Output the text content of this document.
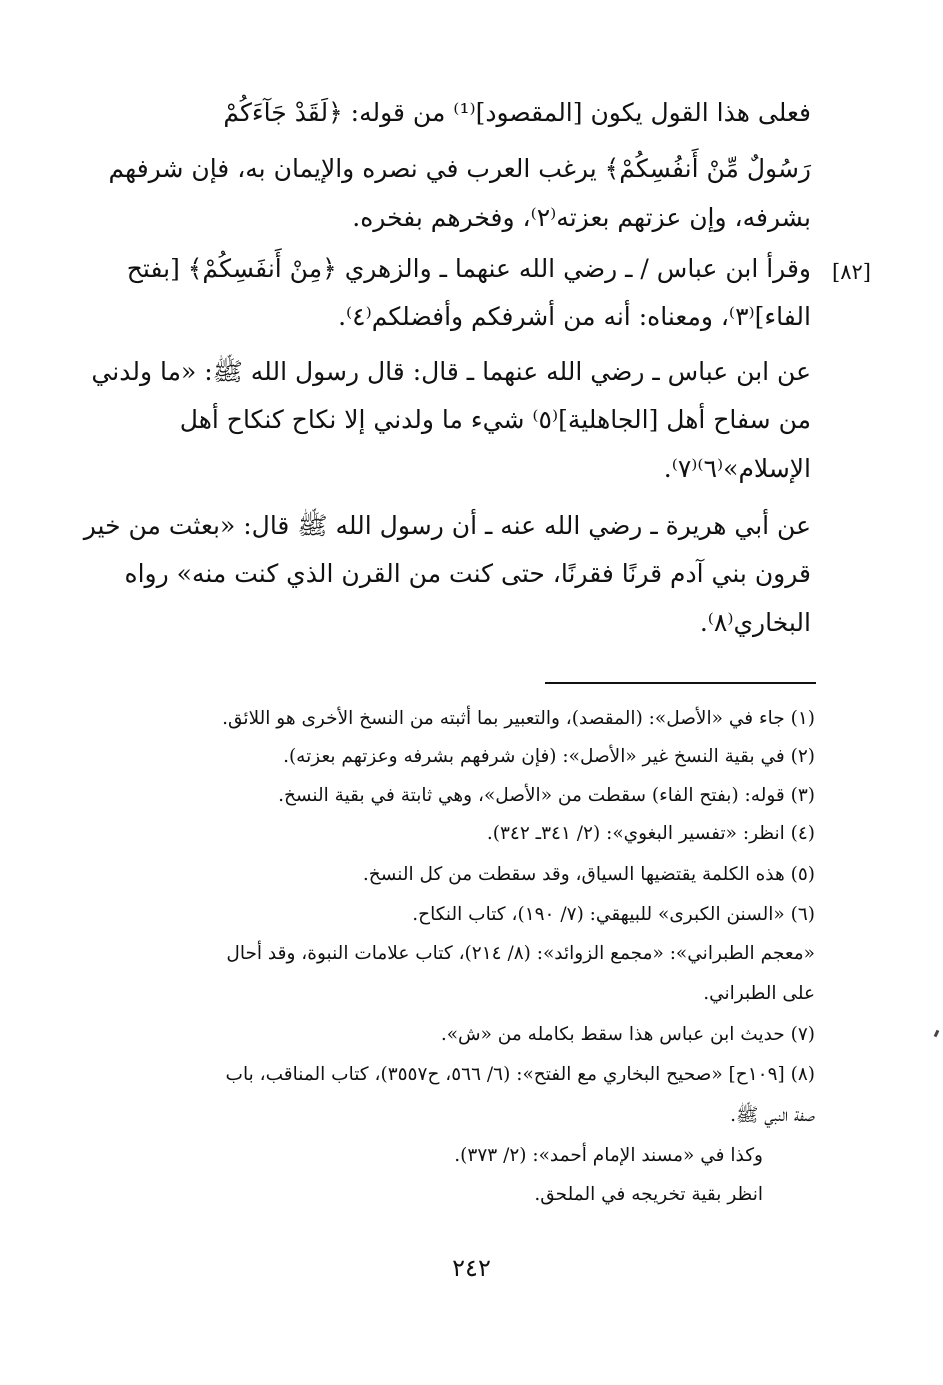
[٨٢]
فعلى هذا القول يكون [المقصود]⁽¹⁾ من قوله: ﴿لَقَدْ جَآءَكُمْ
رَسُولٌ مِّنْ أَنفُسِكُمْ﴾ يرغب العرب في نصره والإيمان به، فإن شرفهم
بشرفه، وإن عزتهم بعزته⁽٢⁾، وفخرهم بفخره.
وقرأ ابن عباس / ـ رضي الله عنهما ـ والزهري ﴿مِنْ أَنفَسِكُمْ﴾ [بفتح
الفاء]⁽٣⁾، ومعناه: أنه من أشرفكم وأفضلكم⁽٤⁾.
عن ابن عباس ـ رضي الله عنهما ـ قال: قال رسول الله ﷺ: «ما ولدني
من سفاح أهل [الجاهلية]⁽٥⁾ شيء ما ولدني إلا نكاح كنكاح أهل
الإسلام»⁽٦⁾⁽٧⁾.
عن أبي هريرة ـ رضي الله عنه ـ أن رسول الله ﷺ قال: «بعثت من خير
قرون بني آدم قرنًا فقرنًا، حتى كنت من القرن الذي كنت منه» رواه
البخاري⁽٨⁾.
(١) جاء في «الأصل»: (المقصد)، والتعبير بما أثبته من النسخ الأخرى هو اللائق.
(٢) في بقية النسخ غير «الأصل»: (فإن شرفهم بشرفه وعزتهم بعزته).
(٣) قوله: (بفتح الفاء) سقطت من «الأصل»، وهي ثابتة في بقية النسخ.
(٤) انظر: «تفسير البغوي»: (٢/ ٣٤١ـ ٣٤٢).
(٥) هذه الكلمة يقتضيها السياق، وقد سقطت من كل النسخ.
(٦) «السنن الكبرى» للبيهقي: (٧/ ١٩٠)، كتاب النكاح.
«معجم الطبراني»: «مجمع الزوائد»: (٨/ ٢١٤)، كتاب علامات النبوة، وقد أحال
على الطبراني.
(٧) حديث ابن عباس هذا سقط بكامله من «ش».
(٨) [١٠٩ح] «صحيح البخاري مع الفتح»: (٦/ ٥٦٦، ح٣٥٥٧)، كتاب المناقب، باب
صفة النبي ﷺ.
وكذا في «مسند الإمام أحمد»: (٢/ ٣٧٣).
انظر بقية تخريجه في الملحق.
٢٤٢
